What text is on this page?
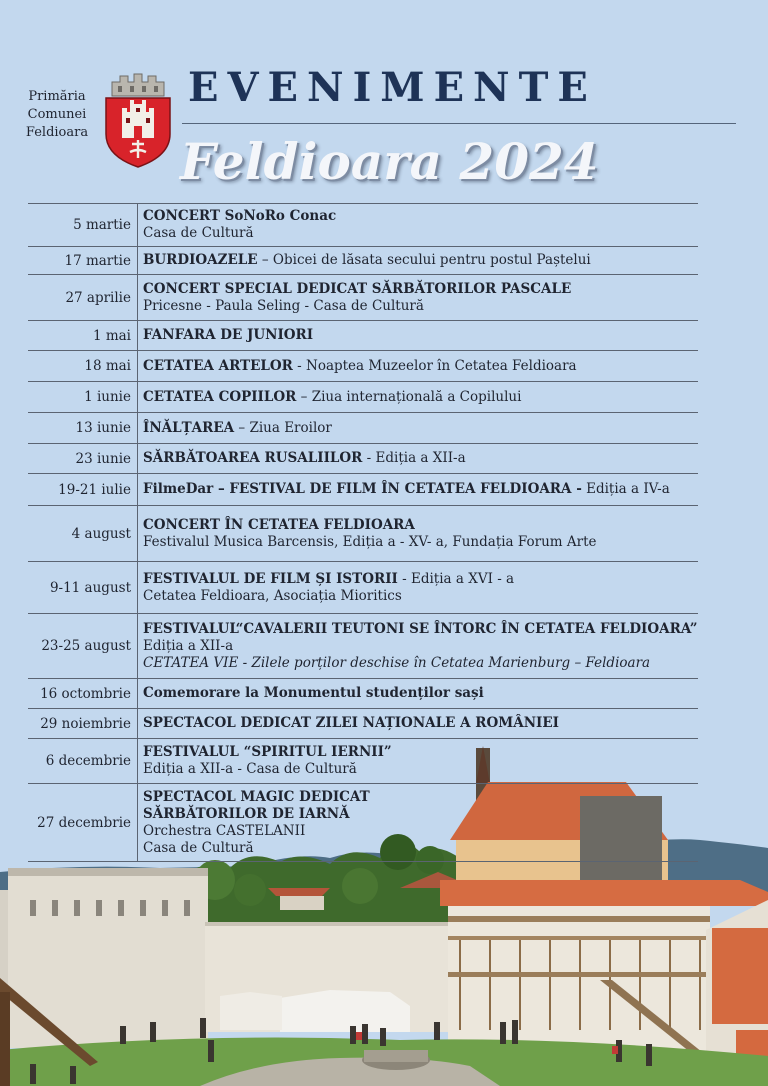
Primăria
Comunei
Feldioara
EVENIMENTE
Feldioara 2024
5 martie
CONCERT SoNoRo Conac
Casa de Cultură
17 martie BURDIOAZELE – Obicei de lăsata secului pentru postul Paștelui
27 aprilie
CONCERT SPECIAL DEDICAT SĂRBĂTORILOR PASCALE
Pricesne - Paula Seling - Casa de Cultură
1 mai FANFARA DE JUNIORI
18 mai CETATEA ARTELOR - Noaptea Muzeelor în Cetatea Feldioara
1 iunie CETATEA COPIILOR – Ziua internațională a Copilului
13 iunie ÎNĂLȚAREA – Ziua Eroilor
23 iunie SĂRBĂTOAREA RUSALIILOR - Ediția a XII-a
19-21 iulie FilmeDar – FESTIVAL DE FILM ÎN CETATEA FELDIOARA - Ediția a IV-a
4 august
CONCERT ÎN CETATEA FELDIOARA
Festivalul Musica Barcensis, Ediția a - XV- a, Fundația Forum Arte
9-11 august
FESTIVALUL DE FILM ȘI ISTORII - Ediția a XVI - a
Cetatea Feldioara, Asociația Mioritics
23-25 august
FESTIVALUL“CAVALERII TEUTONI SE ÎNTORC ÎN CETATEA FELDIOARA”
Ediția a XII-a
CETATEA VIE - Zilele porților deschise în Cetatea Marienburg – Feldioara
16 octombrie Comemorare la Monumentul studenților sași
29 noiembrie SPECTACOL DEDICAT ZILEI NAȚIONALE A ROMÂNIEI
6 decembrie
FESTIVALUL “SPIRITUL IERNII”
Ediția a XII-a - Casa de Cultură
27 decembrie
SPECTACOL MAGIC DEDICAT
SĂRBĂTORILOR DE IARNĂ
Orchestra CASTELANII
Casa de Cultură
